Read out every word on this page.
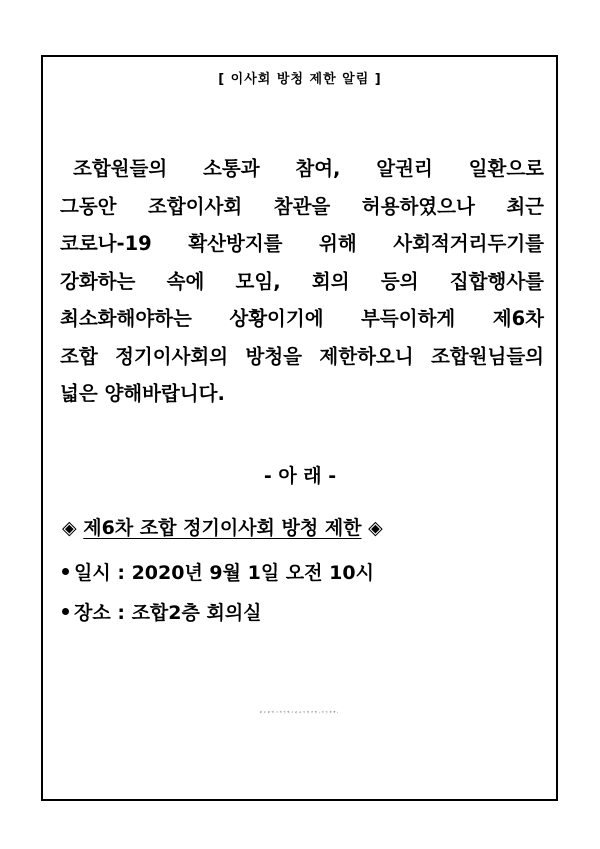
[ 이사회 방청 제한 알림 ]
조합원들의 소통과 참여, 알권리 일환으로
그동안 조합이사회 참관을 허용하였으나 최근
코로나-19 확산방지를 위해 사회적거리두기를
강화하는 속에 모임, 회의 등의 집합행사를
최소화해야하는 상황이기에 부득이하게 제6차
조합 정기이사회의 방청을 제한하오니 조합원님들의
넓은 양해바랍니다.
- 아 래 -
◈ 제6차 조합 정기이사회 방청 제한 ◈
일시 : 2020년 9월 1일 오전 10시
장소 : 조합2층 회의실
광주광역시개인택시운송사업조합(직인생략)
